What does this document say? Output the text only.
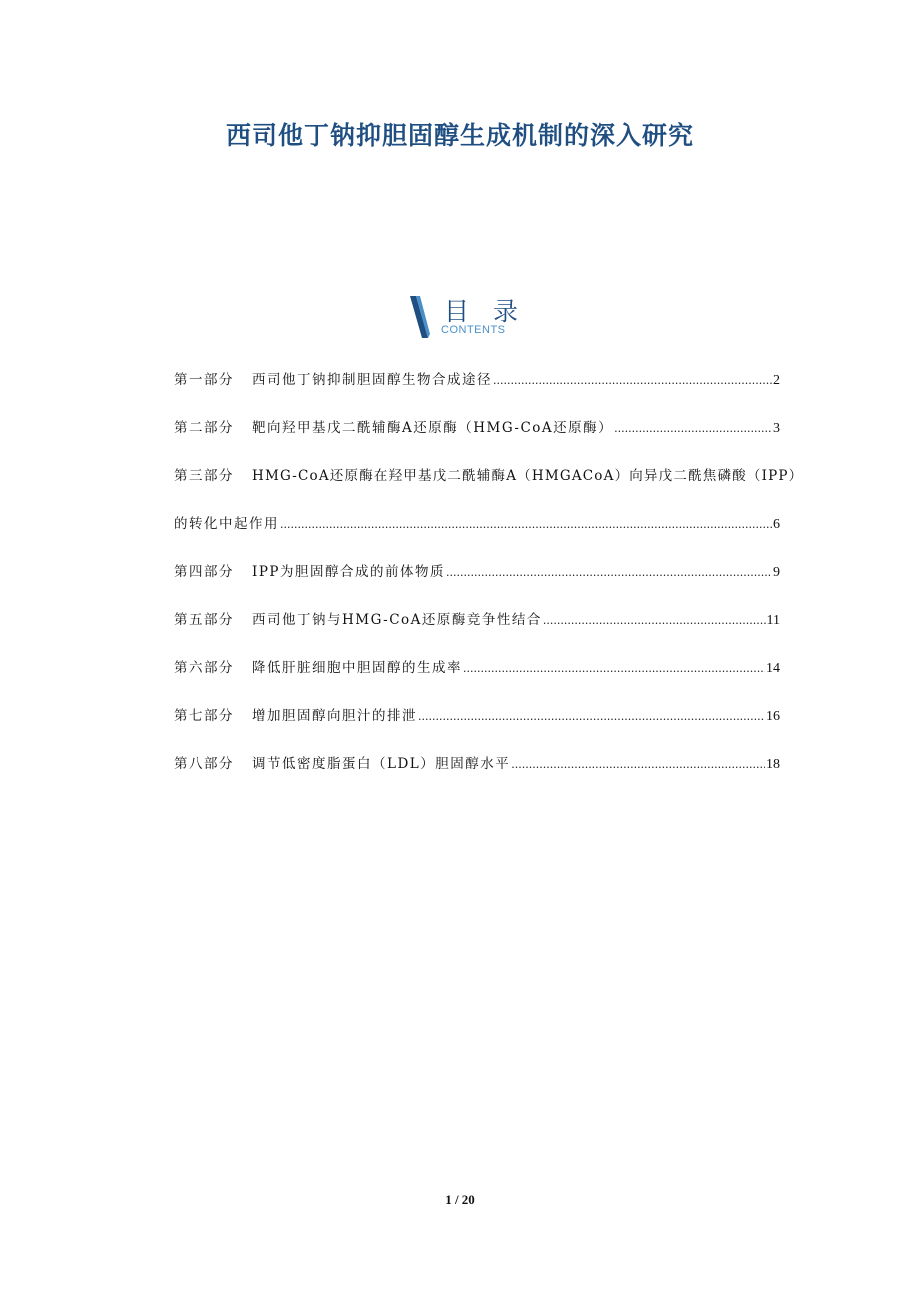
西司他丁钠抑胆固醇生成机制的深入研究
目 录
CONTENTS
第一部分 西司他丁钠抑制胆固醇生物合成途径 .....	2
第二部分 靶向羟甲基戊二酰辅酶A还原酶（HMG-CoA还原酶） .....	3
第三部分 HMG-CoA还原酶在羟甲基戊二酰辅酶A（HMGACoA）向异戊二酰焦磷酸（IPP）
的转化中起作用 .....	6
第四部分 IPP为胆固醇合成的前体物质 .....	9
第五部分 西司他丁钠与HMG-CoA还原酶竞争性结合 .....	11
第六部分 降低肝脏细胞中胆固醇的生成率 .....	14
第七部分 增加胆固醇向胆汁的排泄 .....	16
第八部分 调节低密度脂蛋白（LDL）胆固醇水平 .....	18
1 / 20
